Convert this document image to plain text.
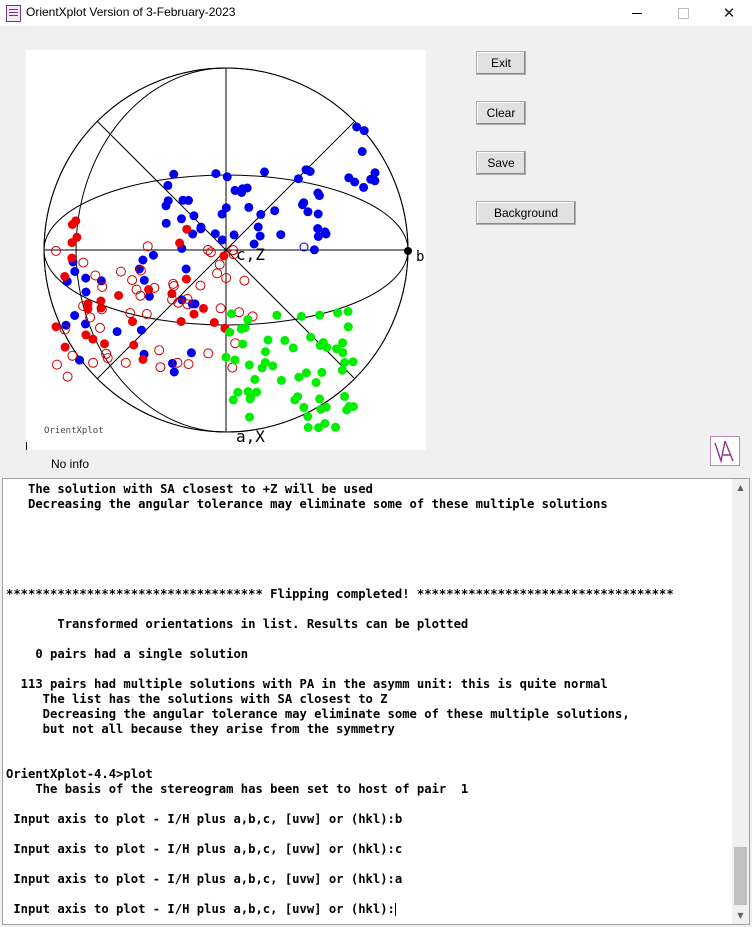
OrientXplot Version of 3-February-2023	✕
c,Z
a,X
b
OrientXplot
Exit
Clear
Save
Background
No info
The solution with SA closest to +Z will be used
Decreasing the angular tolerance may eliminate some of these multiple solutions

*********************************** Flipping completed! ***********************************

Transformed orientations in list. Results can be plotted

0 pairs had a single solution

113 pairs had multiple solutions with PA in the asymm unit: this is quite normal
The list has the solutions with SA closest to Z
Decreasing the angular tolerance may eliminate some of these multiple solutions,
but not all because they arise from the symmetry

OrientXplot-4.4>plot
The basis of the stereogram has been set to host of pair  1

Input axis to plot - I/H plus a,b,c, [uvw] or (hkl):b

Input axis to plot - I/H plus a,b,c, [uvw] or (hkl):c

Input axis to plot - I/H plus a,b,c, [uvw] or (hkl):a

Input axis to plot - I/H plus a,b,c, [uvw] or (hkl):
▲
▼
